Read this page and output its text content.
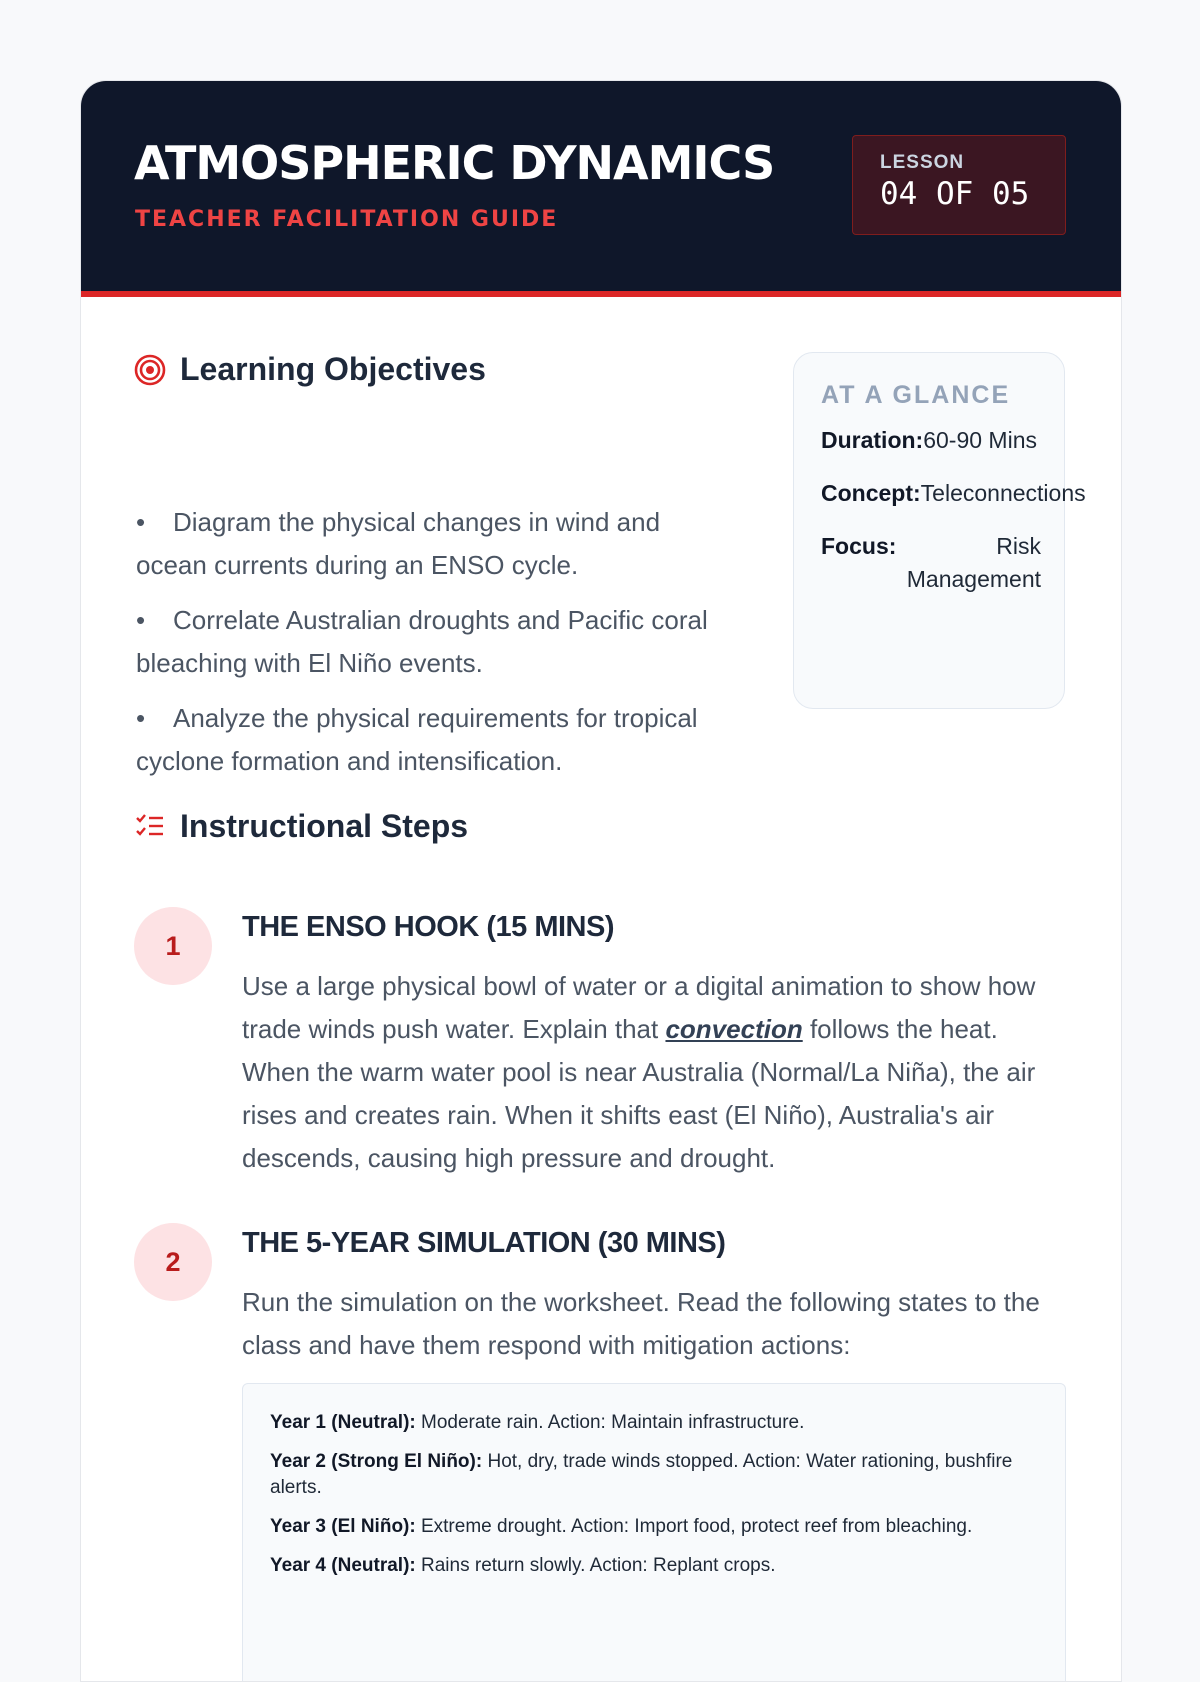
ATMOSPHERIC DYNAMICS
TEACHER FACILITATION GUIDE
LESSON
04 OF 05
Learning Objectives
• Diagram the physical changes in wind and ocean currents during an ENSO cycle.
• Correlate Australian droughts and Pacific coral bleaching with El Niño events.
• Analyze the physical requirements for tropical cyclone formation and intensification.
AT A GLANCE
Duration: 60-90 Mins
Concept: Teleconnections
Focus:	Risk Management
Instructional Steps
1
THE ENSO HOOK (15 MINS)

Use a large physical bowl of water or a digital animation to show how trade winds push water. Explain that convection follows the heat. When the warm water pool is near Australia (Normal/La Niña), the air rises and creates rain. When it shifts east (El Niño), Australia's air descends, causing high pressure and drought.

2
THE 5-YEAR SIMULATION (30 MINS)

Run the simulation on the worksheet. Read the following states to the class and have them respond with mitigation actions:

Year 1 (Neutral): Moderate rain. Action: Maintain infrastructure.
Year 2 (Strong El Niño): Hot, dry, trade winds stopped. Action: Water rationing, bushfire alerts.
Year 3 (El Niño): Extreme drought. Action: Import food, protect reef from bleaching.
Year 4 (Neutral): Rains return slowly. Action: Replant crops.
